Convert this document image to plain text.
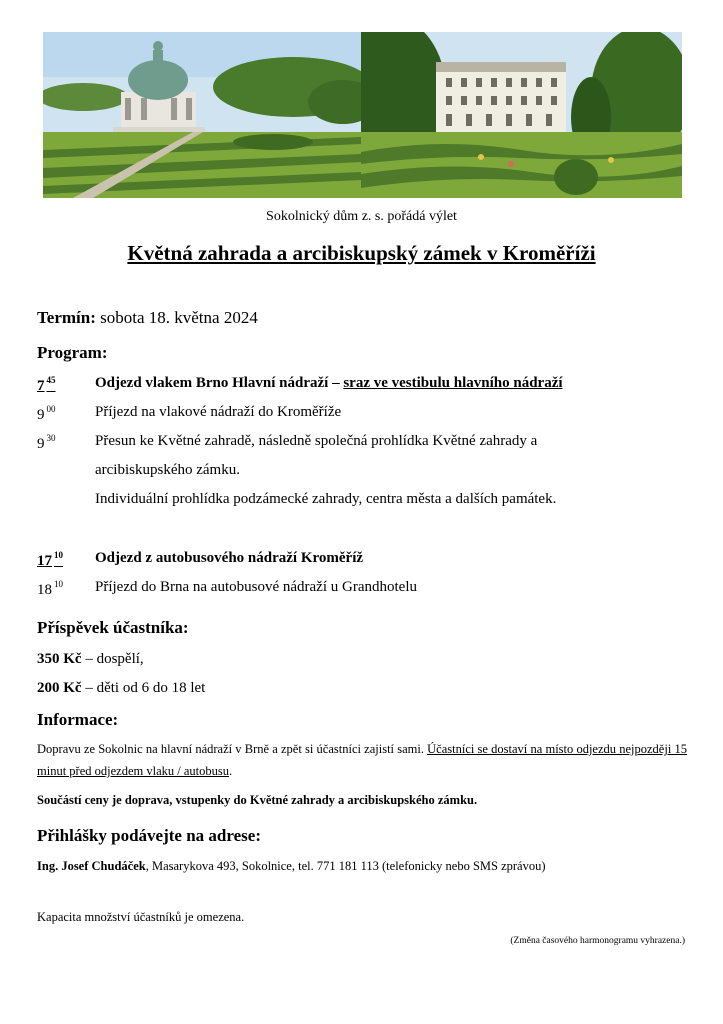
Sokolnický dům z. s. pořádá výlet
Květná zahrada a arcibiskupský zámek v Kroměříži
Termín: sobota 18. května 2024
Program:
7 $^{45}$	Odjezd vlakem Brno Hlavní nádraží – sraz ve vestibulu hlavního nádraží
9 $^{00}$	Příjezd na vlakové nádraží do Kroměříže
9 $^{30}$	Přesun ke Květné zahradě, následně společná prohlídka Květné zahrady a
arcibiskupského zámku.
Individuální prohlídka podzámecké zahrady, centra města a dalších památek.
17 $^{10}$	Odjezd z autobusového nádraží Kroměříž
18 $^{10}$	Příjezd do Brna na autobusové nádraží u Grandhotelu
Příspěvek účastníka:
350 Kč – dospělí,
200 Kč – děti od 6 do 18 let
Informace:
Dopravu ze Sokolnic na hlavní nádraží v Brně a zpět si účastníci zajistí sami. Účastníci se dostaví na místo odjezdu nejpozději 15 minut před odjezdem vlaku / autobusu.
Součástí ceny je doprava, vstupenky do Květné zahrady a arcibiskupského zámku.
Přihlášky podávejte na adrese:
Ing. Josef Chudáček, Masarykova 493, Sokolnice, tel. 771 181 113 (telefonicky nebo SMS zprávou)
Kapacita množství účastníků je omezena.
(Změna časového harmonogramu vyhrazena.)
